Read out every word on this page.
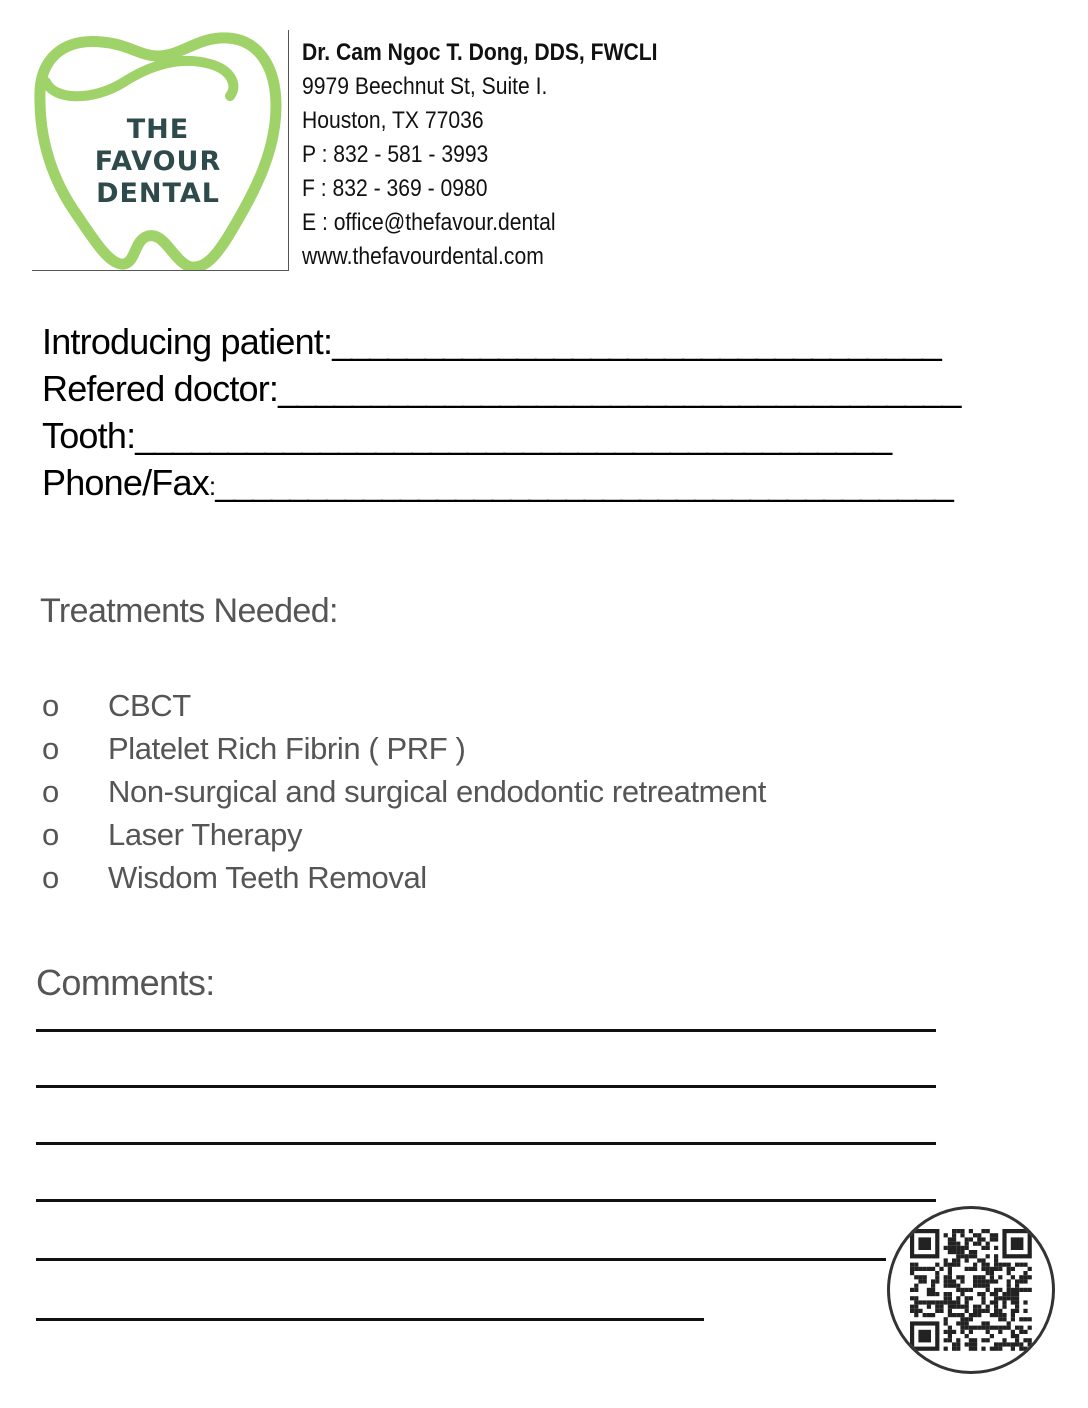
THE
FAVOUR
DENTAL
Dr. Cam Ngoc T. Dong, DDS, FWCLI
9979 Beechnut St, Suite I.
Houston, TX 77036
P : 832 - 581 - 3993
F : 832 - 369 - 0980
E : office@thefavour.dental
www.thefavourdental.com
Introducing patient:_________________________________
Refered doctor:_____________________________________
Tooth:_________________________________________
Phone/Fax:________________________________________
Treatments Needed:
o CBCT
o Platelet Rich Fibrin ( PRF )
o Non-surgical and surgical endodontic retreatment
o Laser Therapy
o Wisdom Teeth Removal
Comments:
